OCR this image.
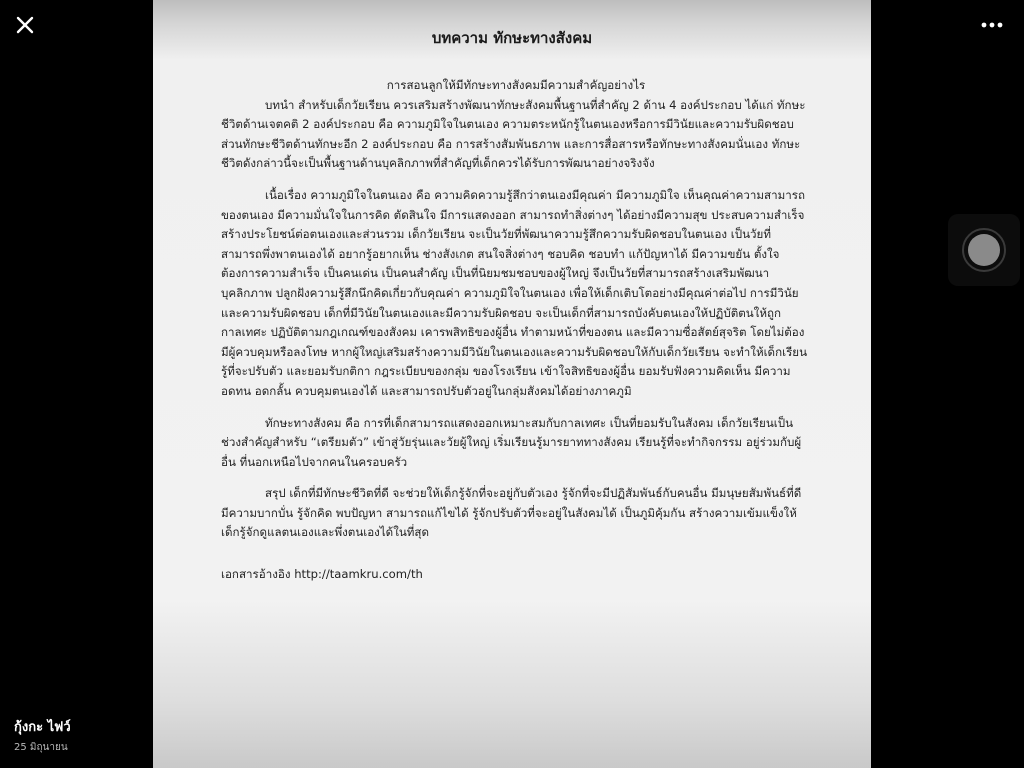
บทความ ทักษะทางสังคม

การสอนลูกให้มีทักษะทางสังคมมีความสำคัญอย่างไร

บทนำ สำหรับเด็กวัยเรียน ควรเสริมสร้างพัฒนาทักษะสังคมพื้นฐานที่สำคัญ 2 ด้าน 4 องค์ประกอบ ได้แก่ ทักษะชีวิตด้านเจตคติ 2 องค์ประกอบ คือ ความภูมิใจในตนเอง ความตระหนักรู้ในตนเองหรือการมีวินัยและความรับผิดชอบ ส่วนทักษะชีวิตด้านทักษะอีก 2 องค์ประกอบ คือ การสร้างสัมพันธภาพ และการสื่อสารหรือทักษะทางสังคมนั่นเอง ทักษะชีวิตดังกล่าวนี้จะเป็นพื้นฐานด้านบุคลิกภาพที่สำคัญที่เด็กควรได้รับการพัฒนาอย่างจริงจัง

เนื้อเรื่อง ความภูมิใจในตนเอง คือ ความคิดความรู้สึกว่าตนเองมีคุณค่า มีความภูมิใจ เห็นคุณค่าความสามารถของตนเอง มีความมั่นใจในการคิด ตัดสินใจ มีการแสดงออก สามารถทำสิ่งต่างๆ ได้อย่างมีความสุข ประสบความสำเร็จ สร้างประโยชน์ต่อตนเองและส่วนรวม เด็กวัยเรียน จะเป็นวัยที่พัฒนาความรู้สึกความรับผิดชอบในตนเอง เป็นวัยที่สามารถพึ่งพาตนเองได้ อยากรู้อยากเห็น ช่างสังเกต สนใจสิ่งต่างๆ ชอบคิด ชอบทำ แก้ปัญหาได้ มีความขยัน ตั้งใจ ต้องการความสำเร็จ เป็นคนเด่น เป็นคนสำคัญ เป็นที่นิยมชมชอบของผู้ใหญ่ จึงเป็นวัยที่สามารถสร้างเสริมพัฒนาบุคลิกภาพ ปลูกฝังความรู้สึกนึกคิดเกี่ยวกับคุณค่า ความภูมิใจในตนเอง เพื่อให้เด็กเติบโตอย่างมีคุณค่าต่อไป การมีวินัยและความรับผิดชอบ เด็กที่มีวินัยในตนเองและมีความรับผิดชอบ จะเป็นเด็กที่สามารถบังคับตนเองให้ปฏิบัติตนให้ถูกกาลเทศะ ปฏิบัติตามกฎเกณฑ์ของสังคม เคารพสิทธิของผู้อื่น ทำตามหน้าที่ของตน และมีความซื่อสัตย์สุจริต โดยไม่ต้องมีผู้ควบคุมหรือลงโทษ หากผู้ใหญ่เสริมสร้างความมีวินัยในตนเองและความรับผิดชอบให้กับเด็กวัยเรียน จะทำให้เด็กเรียนรู้ที่จะปรับตัว และยอมรับกติกา กฎระเบียบของกลุ่ม ของโรงเรียน เข้าใจสิทธิของผู้อื่น ยอมรับฟังความคิดเห็น มีความอดทน อดกลั้น ควบคุมตนเองได้ และสามารถปรับตัวอยู่ในกลุ่มสังคมได้อย่างภาคภูมิ

ทักษะทางสังคม คือ การที่เด็กสามารถแสดงออกเหมาะสมกับกาลเทศะ เป็นที่ยอมรับในสังคม เด็กวัยเรียนเป็นช่วงสำคัญสำหรับ “เตรียมตัว” เข้าสู่วัยรุ่นและวัยผู้ใหญ่ เริ่มเรียนรู้มารยาททางสังคม เรียนรู้ที่จะทำกิจกรรม อยู่ร่วมกับผู้อื่น ที่นอกเหนือไปจากคนในครอบครัว

สรุป เด็กที่มีทักษะชีวิตที่ดี จะช่วยให้เด็กรู้จักที่จะอยู่กับตัวเอง รู้จักที่จะมีปฏิสัมพันธ์กับคนอื่น มีมนุษยสัมพันธ์ที่ดี มีความบากบั่น รู้จักคิด พบปัญหา สามารถแก้ไขได้ รู้จักปรับตัวที่จะอยู่ในสังคมได้ เป็นภูมิคุ้มกัน สร้างความเข้มแข็งให้เด็กรู้จักดูแลตนเองและพึ่งตนเองได้ในที่สุด

เอกสารอ้างอิง http://taamkru.com/th

กุ้งกะ ไฟว์
25 มิถุนายน
